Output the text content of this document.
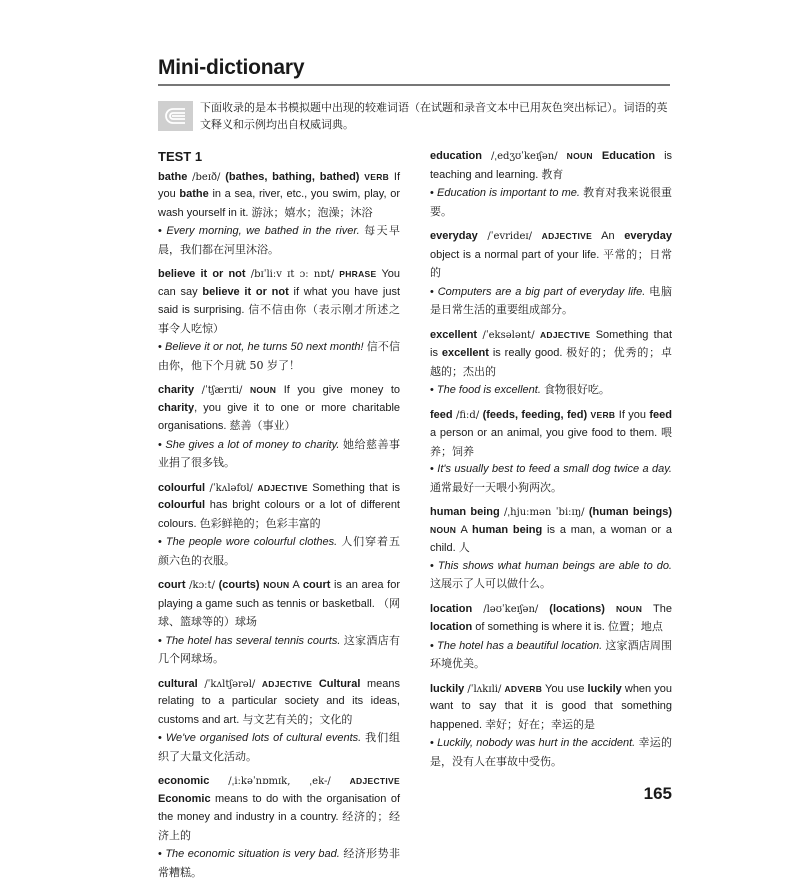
Mini-dictionary
下面收录的是本书模拟题中出现的较难词语（在试题和录音文本中已用灰色突出标记）。词语的英文释义和示例均出自权威词典。
TEST 1

bathe /beɪð/ (bathes, bathing, bathed) VERB If you bathe in a sea, river, etc., you swim, play, or wash yourself in it. 游泳；嬉水；泡澡；沐浴

• Every morning, we bathed in the river. 每天早晨，我们都在河里沐浴。

believe it or not /bɪˈliːv ɪt ɔː nɒt/ PHRASE You can say believe it or not if what you have just said is surprising. 信不信由你（表示刚才所述之事令人吃惊）

• Believe it or not, he turns 50 next month! 信不信由你，他下个月就 50 岁了！

charity /ˈtʃærɪti/ NOUN If you give money to charity, you give it to one or more charitable organisations. 慈善（事业）

• She gives a lot of money to charity. 她给慈善事业捐了很多钱。

colourful /ˈkʌləfʊl/ ADJECTIVE Something that is colourful has bright colours or a lot of different colours. 色彩鲜艳的；色彩丰富的

• The people wore colourful clothes. 人们穿着五颜六色的衣服。

court /kɔːt/ (courts) NOUN A court is an area for playing a game such as tennis or basketball. （网球、篮球等的）球场

• The hotel has several tennis courts. 这家酒店有几个网球场。

cultural /ˈkʌltʃərəl/ ADJECTIVE Cultural means relating to a particular society and its ideas, customs and art. 与文艺有关的；文化的

• We've organised lots of cultural events. 我们组织了大量文化活动。

economic /ˌiːkəˈnɒmɪk, ˌek-/ ADJECTIVE Economic means to do with the organisation of the money and industry in a country. 经济的；经济上的

• The economic situation is very bad. 经济形势非常糟糕。

education /ˌedʒʊˈkeɪʃən/ NOUN Education is teaching and learning. 教育

• Education is important to me. 教育对我来说很重要。

everyday /ˈevrideɪ/ ADJECTIVE An everyday object is a normal part of your life. 平常的；日常的

• Computers are a big part of everyday life. 电脑是日常生活的重要组成部分。

excellent /ˈeksələnt/ ADJECTIVE Something that is excellent is really good. 极好的；优秀的；卓越的；杰出的

• The food is excellent. 食物很好吃。

feed /fiːd/ (feeds, feeding, fed) VERB If you feed a person or an animal, you give food to them. 喂养；饲养

• It's usually best to feed a small dog twice a day. 通常最好一天喂小狗两次。

human being /ˌhjuːmən ˈbiːɪŋ/ (human beings) NOUN A human being is a man, a woman or a child. 人

• This shows what human beings are able to do. 这展示了人可以做什么。

location /ləʊˈkeɪʃən/ (locations) NOUN The location of something is where it is. 位置；地点

• The hotel has a beautiful location. 这家酒店周围环境优美。

luckily /ˈlʌkɪli/ ADVERB You use luckily when you want to say that it is good that something happened. 幸好；好在；幸运的是

• Luckily, nobody was hurt in the accident. 幸运的是，没有人在事故中受伤。

165
